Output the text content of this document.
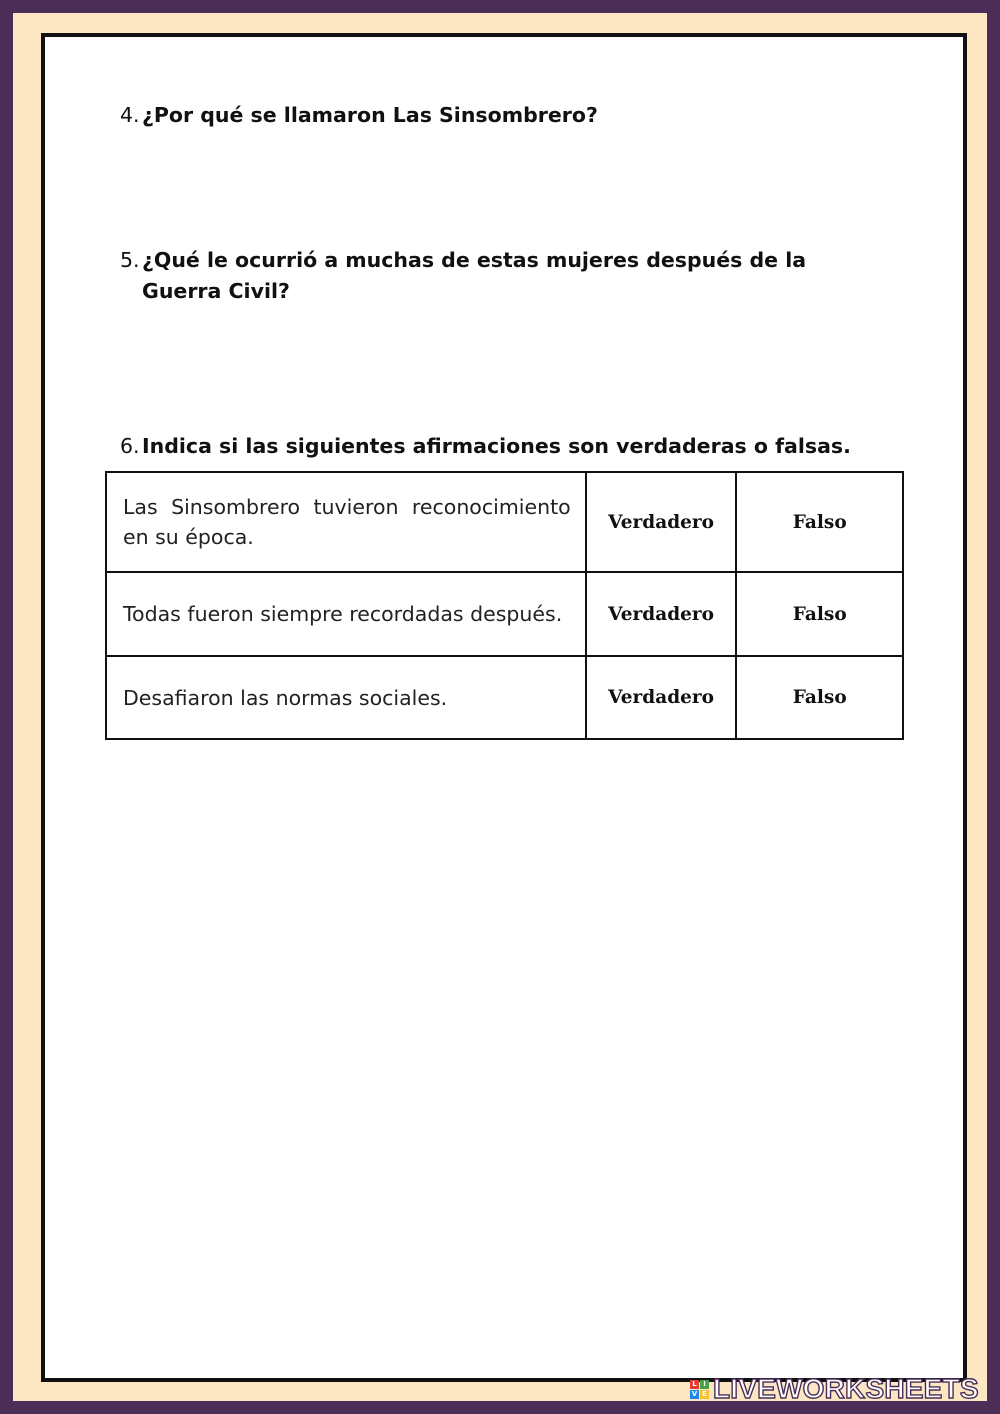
4. ¿Por qué se llamaron Las Sinsombrero?
5. ¿Qué le ocurrió a muchas de estas mujeres después de la Guerra Civil?
6. Indica si las siguientes afirmaciones son verdaderas o falsas.
Las Sinsombrero tuvieron reconocimiento en su época.	Verdadero	Falso
Todas fueron siempre recordadas después.	Verdadero	Falso
Desafiaron las normas sociales.	Verdadero	Falso
L I
V E LIVEWORKSHEETS
